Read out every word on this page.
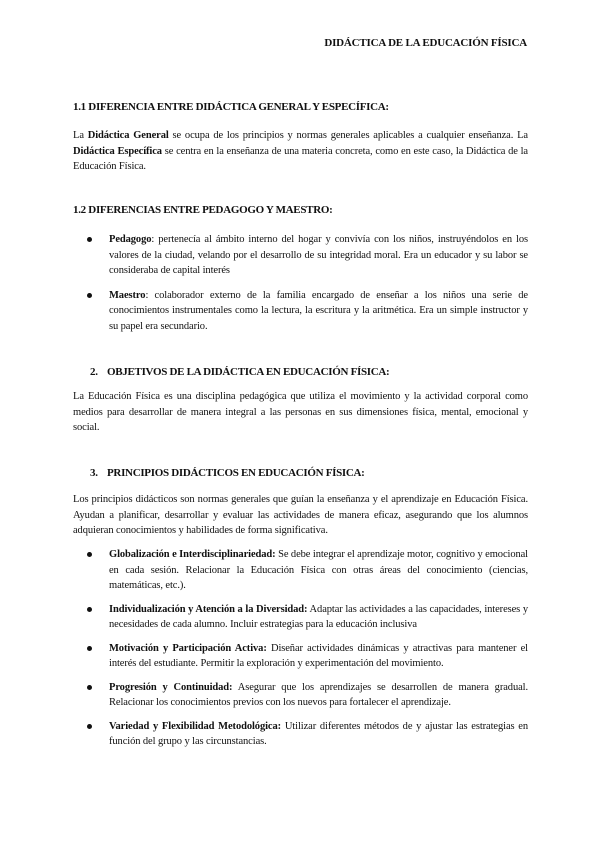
DIDÁCTICA DE LA EDUCACIÓN FÍSICA
1.1 DIFERENCIA ENTRE DIDÁCTICA GENERAL Y ESPECÍFICA:

La Didáctica General se ocupa de los principios y normas generales aplicables a cualquier enseñanza. La Didáctica Específica se centra en la enseñanza de una materia concreta, como en este caso, la Didáctica de la Educación Física.

1.2 DIFERENCIAS ENTRE PEDAGOGO Y MAESTRO:
Pedagogo: pertenecía al ámbito interno del hogar y convivía con los niños, instruyéndolos en los valores de la ciudad, velando por el desarrollo de su integridad moral. Era un educador y su labor se consideraba de capital interés
Maestro: colaborador externo de la familia encargado de enseñar a los niños una serie de conocimientos instrumentales como la lectura, la escritura y la aritmética. Era un simple instructor y su papel era secundario.
2. OBJETIVOS DE LA DIDÁCTICA EN EDUCACIÓN FÍSICA:

La Educación Física es una disciplina pedagógica que utiliza el movimiento y la actividad corporal como medios para desarrollar de manera integral a las personas en sus dimensiones física, mental, emocional y social.

3. PRINCIPIOS DIDÁCTICOS EN EDUCACIÓN FÍSICA:

Los principios didácticos son normas generales que guían la enseñanza y el aprendizaje en Educación Física. Ayudan a planificar, desarrollar y evaluar las actividades de manera eficaz, asegurando que los alumnos adquieran conocimientos y habilidades de forma significativa.

Globalización e Interdisciplinariedad: Se debe integrar el aprendizaje motor, cognitivo y emocional en cada sesión. Relacionar la Educación Física con otras áreas del conocimiento (ciencias, matemáticas, etc.).
Individualización y Atención a la Diversidad: Adaptar las actividades a las capacidades, intereses y necesidades de cada alumno. Incluir estrategias para la educación inclusiva
Motivación y Participación Activa: Diseñar actividades dinámicas y atractivas para mantener el interés del estudiante. Permitir la exploración y experimentación del movimiento.
Progresión y Continuidad: Asegurar que los aprendizajes se desarrollen de manera gradual. Relacionar los conocimientos previos con los nuevos para fortalecer el aprendizaje.
Variedad y Flexibilidad Metodológica: Utilizar diferentes métodos de y ajustar las estrategias en función del grupo y las circunstancias.
